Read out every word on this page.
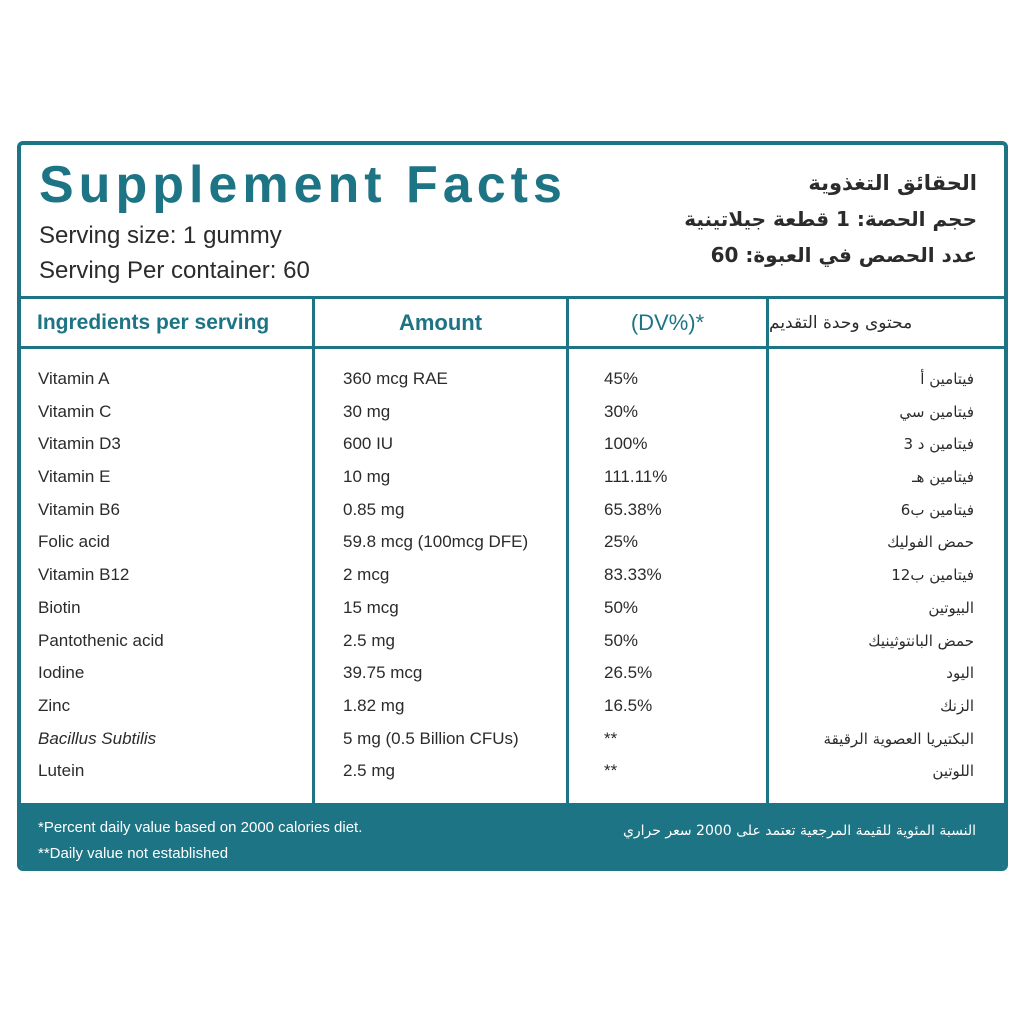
Supplement Facts
Serving size: 1 gummy
Serving Per container: 60
الحقائق التغذوية
حجم الحصة: 1 قطعة جيلاتينية
عدد الحصص في العبوة: 60
Ingredients per serving	Amount	(DV%)*	محتوى وحدة التقديم
Vitamin A	360 mcg RAE	45%	فيتامين أ
Vitamin C	30 mg	30%	فيتامين سي
Vitamin D3	600 IU	100%	فيتامين د 3
Vitamin E	10 mg	111.11%	فيتامين هـ
Vitamin B6	0.85 mg	65.38%	فيتامين ب6
Folic acid	59.8 mcg (100mcg DFE)	25%	حمض الفوليك
Vitamin B12	2 mcg	83.33%	فيتامين ب12
Biotin	15 mcg	50%	البيوتين
Pantothenic acid	2.5 mg	50%	حمض البانتوثينيك
Iodine	39.75 mcg	26.5%	اليود
Zinc	1.82 mg	16.5%	الزنك
Bacillus Subtilis	5 mg (0.5 Billion CFUs)	**	البكتيريا العصوية الرقيقة
Lutein	2.5 mg	**	اللوتين
*Percent daily value based on 2000 calories diet.
**Daily value not established
النسبة المئوية للقيمة المرجعية تعتمد على 2000 سعر حراري
